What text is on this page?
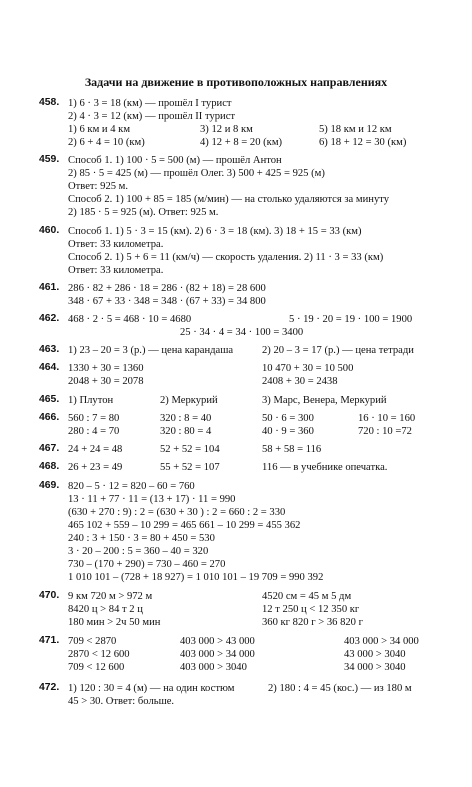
Задачи на движение в противоположных направлениях
458. 1) 6 · 3 = 18 (км) — прошёл I турист
2) 4 · 3 = 12 (км) — прошёл II турист
1) 6 км и 4 км	3) 12 и 8 км	5) 18 км и 12 км
2) 6 + 4 = 10 (км)	4) 12 + 8 = 20 (км)	6) 18 + 12 = 30 (км)
459. Способ 1. 1) 100 · 5 = 500 (м) — прошёл Антон
2) 85 · 5 = 425 (м) — прошёл Олег. 3) 500 + 425 = 925 (м)
Ответ: 925 м.
Способ 2. 1) 100 + 85 = 185 (м/мин) — на столько удаляются за минуту
2) 185 · 5 = 925 (м). Ответ: 925 м.
460. Способ 1. 1) 5 · 3 = 15 (км). 2) 6 · 3 = 18 (км). 3) 18 + 15 = 33 (км)
Ответ: 33 километра.
Способ 2. 1) 5 + 6 = 11 (км/ч) — скорость удаления. 2) 11 · 3 = 33 (км)
Ответ: 33 километра.
461. 286 · 82 + 286 · 18 = 286 · (82 + 18) = 28 600
348 · 67 + 33 · 348 = 348 · (67 + 33) = 34 800
462. 468 · 2 · 5 = 468 · 10 = 4680	5 · 19 · 20 = 19 · 100 = 1900
25 · 34 · 4 = 34 · 100 = 3400
463. 1) 23 – 20 = 3 (р.) — цена карандаша	2) 20 – 3 = 17 (р.) — цена тетради
464. 1330 + 30 = 1360	10 470 + 30 = 10 500
2048 + 30 = 2078	2408 + 30 = 2438
465. 1) Плутон	2) Меркурий	3) Марс, Венера, Меркурий
466. 560 : 7 = 80	320 : 8 = 40	50 · 6 = 300	16 · 10 = 160
280 : 4 = 70	320 : 80 = 4	40 · 9 = 360	720 : 10 =72
467. 24 + 24 = 48	52 + 52 = 104	58 + 58 = 116
468. 26 + 23 = 49	55 + 52 = 107	116 — в учебнике опечатка.
469. 820 – 5 · 12 = 820 – 60 = 760
13 · 11 + 77 · 11 = (13 + 17) · 11 = 990
(630 + 270 : 9) : 2 = (630 + 30 ) : 2 = 660 : 2 = 330
465 102 + 559 – 10 299 = 465 661 – 10 299 = 455 362
240 : 3 + 150 · 3 = 80 + 450 = 530
3 · 20 – 200 : 5 = 360 – 40 = 320
730 – (170 + 290) = 730 – 460 = 270
1 010 101 – (728 + 18 927) = 1 010 101 – 19 709 = 990 392
470. 9 км 720 м > 972 м	4520 см = 45 м 5 дм
8420 ц > 84 т 2 ц	12 т 250 ц < 12 350 кг
180 мин > 2ч 50 мин	360 кг 820 г > 36 820 г
471. 709 < 2870	403 000 > 43 000	403 000 > 34 000
2870 < 12 600	403 000 > 34 000	43 000 > 3040
709 < 12 600	403 000 > 3040	34 000 > 3040
472. 1) 120 : 30 = 4 (м) — на один костюм	2) 180 : 4 = 45 (кос.) — из 180 м
45 > 30. Ответ: больше.
